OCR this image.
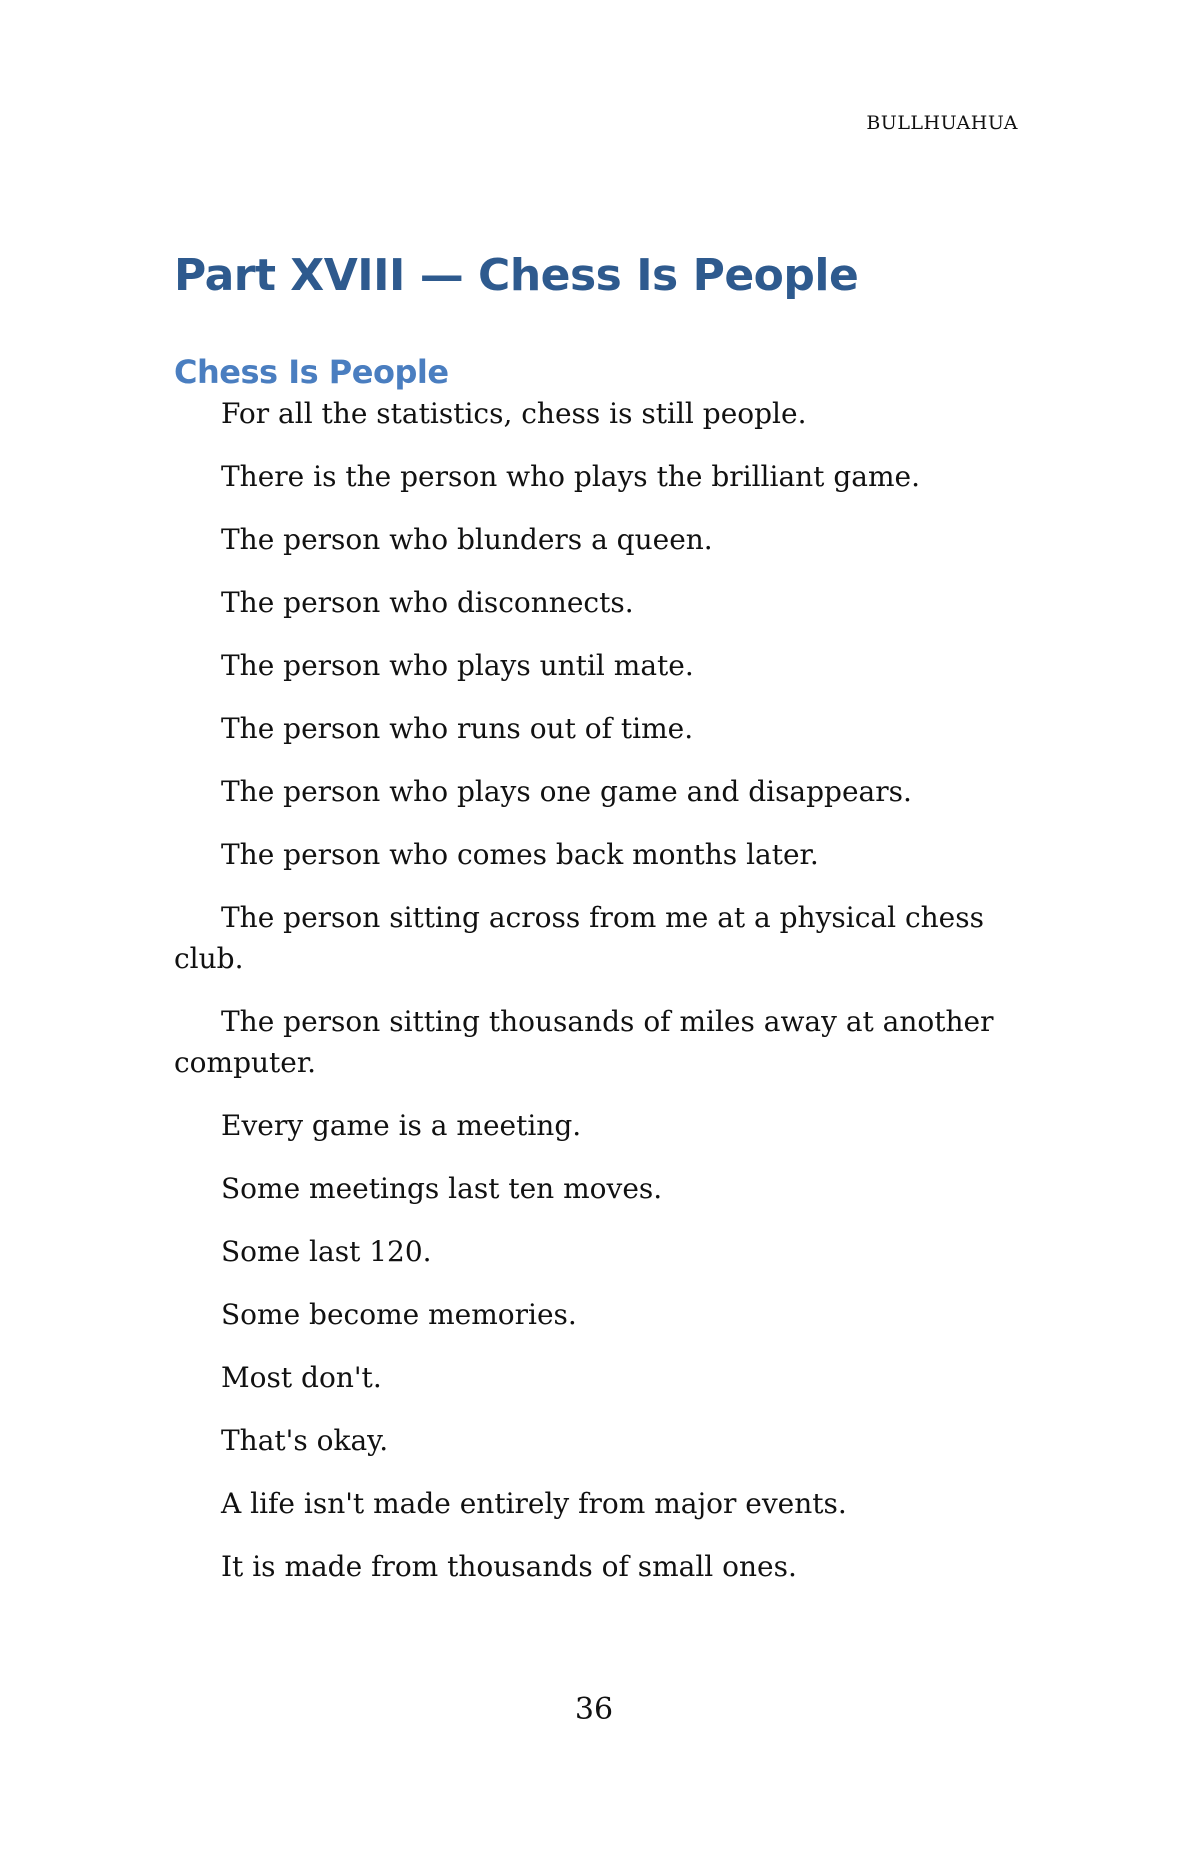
BULLHUAHUA
Part XVIII — Chess Is People
Chess Is People

For all the statistics, chess is still people.

There is the person who plays the brilliant game.

The person who blunders a queen.

The person who disconnects.

The person who plays until mate.

The person who runs out of time.

The person who plays one game and disappears.

The person who comes back months later.

The person sitting across from me at a physical chess club.

The person sitting thousands of miles away at another computer.

Every game is a meeting.

Some meetings last ten moves.

Some last 120.

Some become memories.

Most don't.

That's okay.

A life isn't made entirely from major events.

It is made from thousands of small ones.

36
